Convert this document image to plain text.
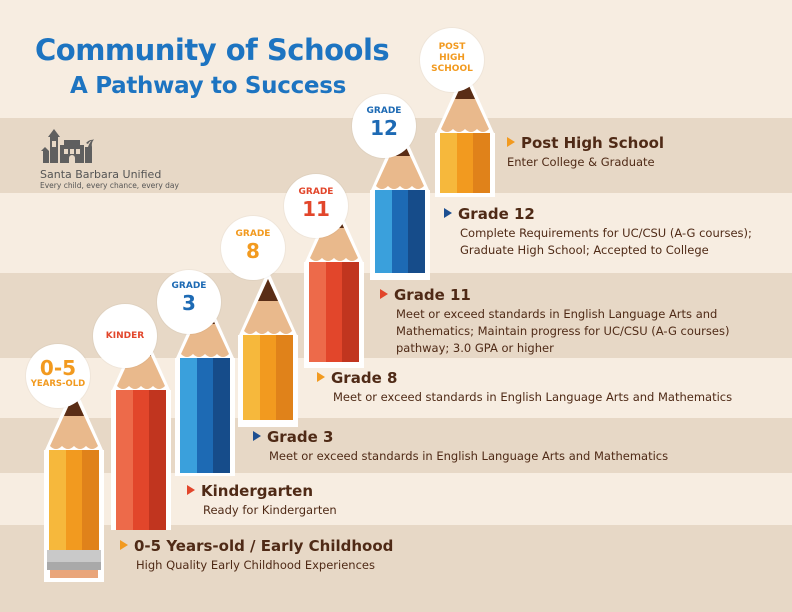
Community of Schools
A Pathway to Success
Santa Barbara Unified
Every child, every chance, every day
0-5
YEARS-OLD
KINDER
GRADE
3
GRADE
8
GRADE
11
GRADE
12
POST
HIGH
SCHOOL
Post High School
Enter College & Graduate
Grade 12
Complete Requirements for UC/CSU (A-G courses);
Graduate High School; Accepted to College
Grade 11
Meet or exceed standards in English Language Arts and
Mathematics; Maintain progress for UC/CSU (A-G courses)
pathway; 3.0 GPA or higher
Grade 8
Meet or exceed standards in English Language Arts and Mathematics
Grade 3
Meet or exceed standards in English Language Arts and Mathematics
Kindergarten
Ready for Kindergarten
0-5 Years-old / Early Childhood
High Quality Early Childhood Experiences
